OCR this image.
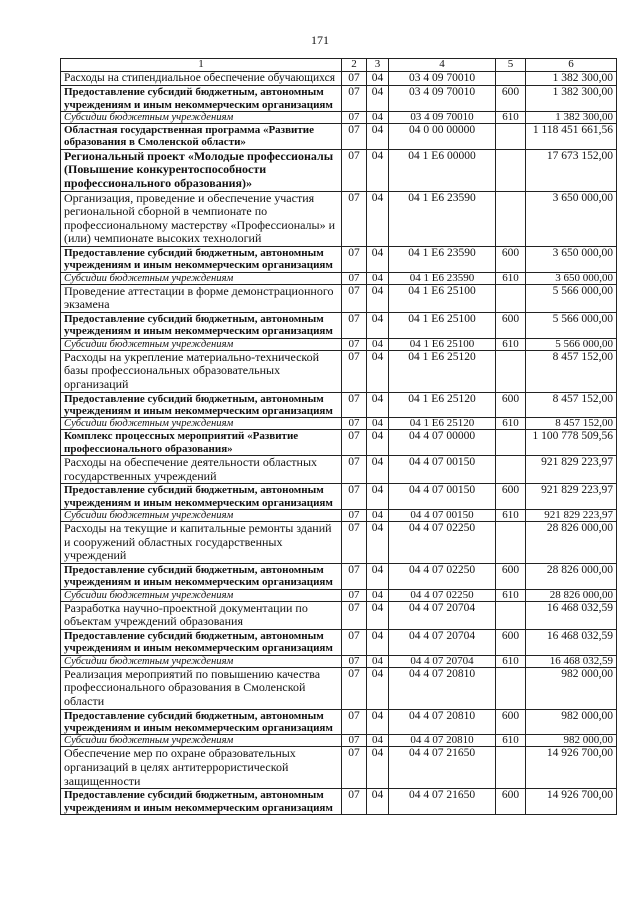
171
1	2	3	4	5	6
Расходы на стипендиальное обеспечение обучающихся	07	04	03 4 09 70010		1 382 300,00
Предоставление субсидий бюджетным, автономным учреждениям и иным некоммерческим организациям	07	04	03 4 09 70010	600	1 382 300,00
Субсидии бюджетным учреждениям	07	04	03 4 09 70010	610	1 382 300,00
Областная государственная программа «Развитие образования в Смоленской области»	07	04	04 0 00 00000		1 118 451 661,56
Региональный проект «Молодые профессионалы (Повышение конкурентоспособности профессионального образования)»	07	04	04 1 E6 00000		17 673 152,00
Организация, проведение и обеспечение участия региональной сборной в чемпионате по профессиональному мастерству «Профессионалы» и (или) чемпионате высоких технологий	07	04	04 1 E6 23590		3 650 000,00
Предоставление субсидий бюджетным, автономным учреждениям и иным некоммерческим организациям	07	04	04 1 E6 23590	600	3 650 000,00
Субсидии бюджетным учреждениям	07	04	04 1 E6 23590	610	3 650 000,00
Проведение аттестации в форме демонстрационного экзамена	07	04	04 1 E6 25100		5 566 000,00
Предоставление субсидий бюджетным, автономным учреждениям и иным некоммерческим организациям	07	04	04 1 E6 25100	600	5 566 000,00
Субсидии бюджетным учреждениям	07	04	04 1 E6 25100	610	5 566 000,00
Расходы на укрепление материально-технической базы профессиональных образовательных организаций	07	04	04 1 E6 25120		8 457 152,00
Предоставление субсидий бюджетным, автономным учреждениям и иным некоммерческим организациям	07	04	04 1 E6 25120	600	8 457 152,00
Субсидии бюджетным учреждениям	07	04	04 1 E6 25120	610	8 457 152,00
Комплекс процессных мероприятий «Развитие профессионального образования»	07	04	04 4 07 00000		1 100 778 509,56
Расходы на обеспечение деятельности областных государственных учреждений	07	04	04 4 07 00150		921 829 223,97
Предоставление субсидий бюджетным, автономным учреждениям и иным некоммерческим организациям	07	04	04 4 07 00150	600	921 829 223,97
Субсидии бюджетным учреждениям	07	04	04 4 07 00150	610	921 829 223,97
Расходы на текущие и капитальные ремонты зданий и сооружений областных государственных учреждений	07	04	04 4 07 02250		28 826 000,00
Предоставление субсидий бюджетным, автономным учреждениям и иным некоммерческим организациям	07	04	04 4 07 02250	600	28 826 000,00
Субсидии бюджетным учреждениям	07	04	04 4 07 02250	610	28 826 000,00
Разработка научно-проектной документации по объектам учреждений образования	07	04	04 4 07 20704		16 468 032,59
Предоставление субсидий бюджетным, автономным учреждениям и иным некоммерческим организациям	07	04	04 4 07 20704	600	16 468 032,59
Субсидии бюджетным учреждениям	07	04	04 4 07 20704	610	16 468 032,59
Реализация мероприятий по повышению качества профессионального образования в Смоленской области	07	04	04 4 07 20810		982 000,00
Предоставление субсидий бюджетным, автономным учреждениям и иным некоммерческим организациям	07	04	04 4 07 20810	600	982 000,00
Субсидии бюджетным учреждениям	07	04	04 4 07 20810	610	982 000,00
Обеспечение мер по охране образовательных организаций в целях антитеррористической защищенности	07	04	04 4 07 21650		14 926 700,00
Предоставление субсидий бюджетным, автономным учреждениям и иным некоммерческим организациям	07	04	04 4 07 21650	600	14 926 700,00
